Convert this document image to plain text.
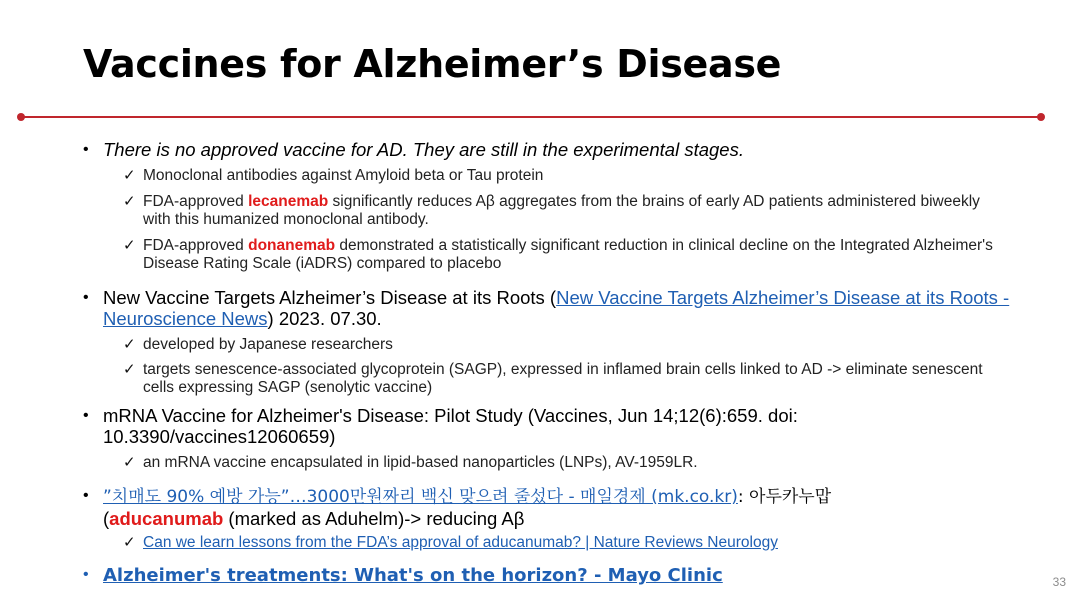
Vaccines for Alzheimer’s Disease
• There is no approved vaccine for AD. They are still in the experimental stages.
✓ Monoclonal antibodies against Amyloid beta or Tau protein
✓ FDA-approved lecanemab significantly reduces Aβ aggregates from the brains of early AD patients administered biweekly with this humanized monoclonal antibody.
✓ FDA-approved donanemab demonstrated a statistically significant reduction in clinical decline on the Integrated Alzheimer's Disease Rating Scale (iADRS) compared to placebo
• New Vaccine Targets Alzheimer’s Disease at its Roots (New Vaccine Targets Alzheimer’s Disease at its Roots - Neuroscience News) 2023. 07.30.
✓ developed by Japanese researchers
✓ targets senescence-associated glycoprotein (SAGP), expressed in inflamed brain cells linked to AD -> eliminate senescent cells expressing SAGP (senolytic vaccine)
• mRNA Vaccine for Alzheimer's Disease: Pilot Study (Vaccines, Jun 14;12(6):659. doi: 10.3390/vaccines12060659)
✓ an mRNA vaccine encapsulated in lipid-based nanoparticles (LNPs), AV-1959LR.
• ”치매도 90% 예방 가능”…3000만원짜리 백신 맞으려 줄섰다 - 매일경제 (mk.co.kr): 아두카누맙
(aducanumab (marked as Aduhelm)-> reducing Aβ
✓ Can we learn lessons from the FDA’s approval of aducanumab? | Nature Reviews Neurology
• Alzheimer's treatments: What's on the horizon? - Mayo Clinic	33
